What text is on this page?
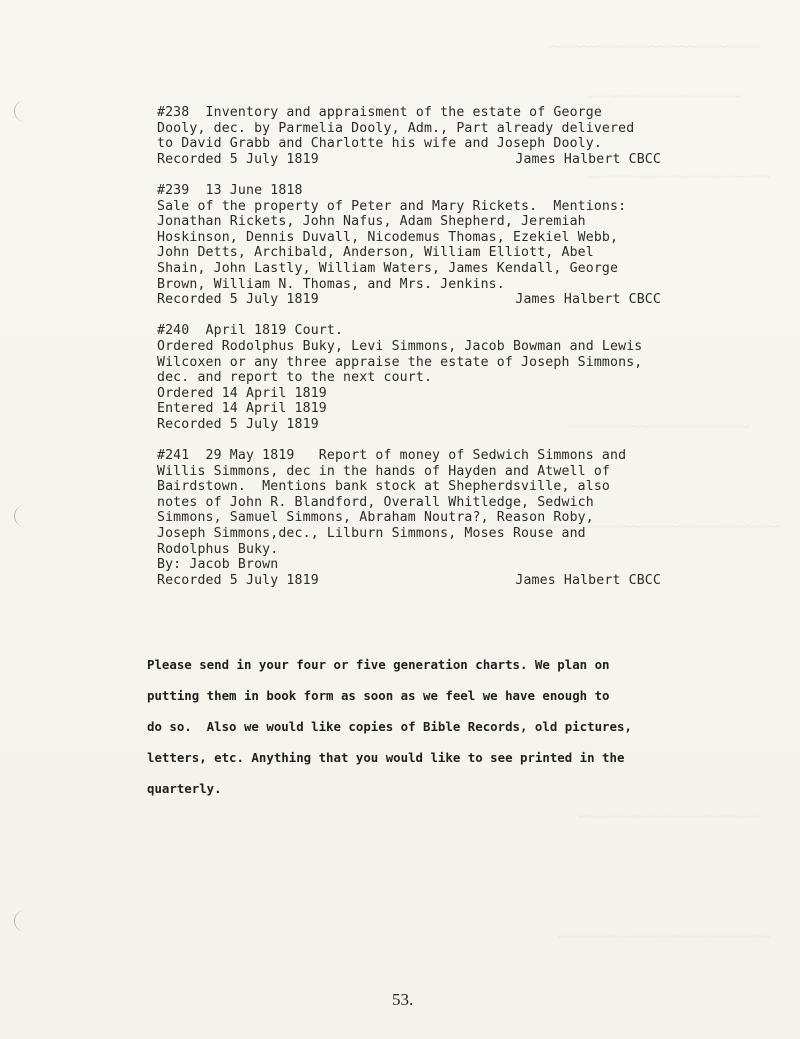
~~~~~~~~~~~~~~~~~~~~~~~~~~~~
~~~~~~~~~~~~~~~~~~~~
~~~~~~~~~~~~~~~~~~~~~~~~
~~~~~~~~~~~~~~~~~~~~~~~~
~~~~~~~~~~~~~~~~~~~~~~~~~~~~~~~~
~~~~~~~~~~~~~~~~~~~~~~~~
~~~~~~~~~~~~~~~~~~~~~~~~~~~~
#238  Inventory and appraisment of the estate of George
Dooly, dec. by Parmelia Dooly, Adm., Part already delivered
to David Grabb and Charlotte his wife and Joseph Dooly.
Recorded 5 July 1819	James Halbert CBCC
#239  13 June 1818
Sale of the property of Peter and Mary Rickets.  Mentions:
Jonathan Rickets, John Nafus, Adam Shepherd, Jeremiah
Hoskinson, Dennis Duvall, Nicodemus Thomas, Ezekiel Webb,
John Detts, Archibald, Anderson, William Elliott, Abel
Shain, John Lastly, William Waters, James Kendall, George
Brown, William N. Thomas, and Mrs. Jenkins.
Recorded 5 July 1819	James Halbert CBCC
#240  April 1819 Court.
Ordered Rodolphus Buky, Levi Simmons, Jacob Bowman and Lewis
Wilcoxen or any three appraise the estate of Joseph Simmons,
dec. and report to the next court.
Ordered 14 April 1819
Entered 14 April 1819
Recorded 5 July 1819
#241  29 May 1819   Report of money of Sedwich Simmons and
Willis Simmons, dec in the hands of Hayden and Atwell of
Bairdstown.  Mentions bank stock at Shepherdsville, also
notes of John R. Blandford, Overall Whitledge, Sedwich
Simmons, Samuel Simmons, Abraham Noutra?, Reason Roby,
Joseph Simmons,dec., Lilburn Simmons, Moses Rouse and
Rodolphus Buky.
By: Jacob Brown
Recorded 5 July 1819	James Halbert CBCC
Please send in your four or five generation charts. We plan on
putting them in book form as soon as we feel we have enough to
do so.  Also we would like copies of Bible Records, old pictures,
letters, etc. Anything that you would like to see printed in the
quarterly.
53.
